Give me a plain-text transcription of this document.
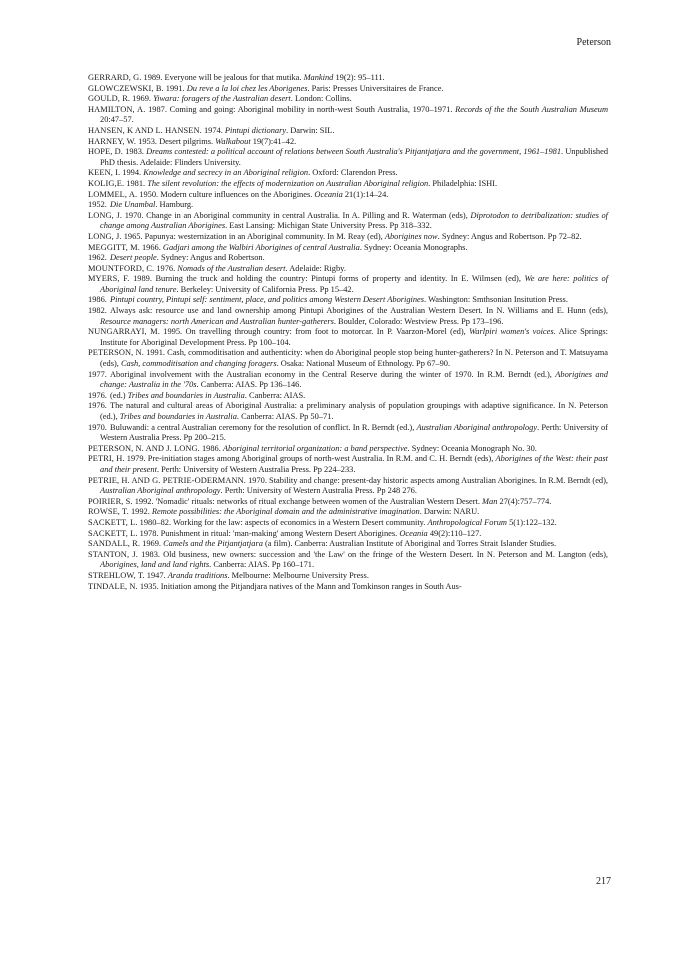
Peterson

GERRARD, G. 1989. Everyone will be jealous for that mutika. Mankind 19(2): 95–111.

GLOWCZEWSKI, B. 1991. Du reve a la loi chez les Aborigenes. Paris: Presses Universitaires de France.

GOULD, R. 1969. Yiwara: foragers of the Australian desert. London: Collins.

HAMILTON, A. 1987. Coming and going: Aboriginal mobility in north-west South Australia, 1970–1971. Records of the the South Australian Museum 20:47–57.

HANSEN, K AND L. HANSEN. 1974. Pintupi dictionary. Darwin: SIL.

HARNEY, W. 1953. Desert pilgrims. Walkabout 19(7):41–42.

HOPE, D. 1983. Dreams contested: a political account of relations between South Australia's Pitjantjatjara and the government, 1961–1981. Unpublished PhD thesis. Adelaide: Flinders University.

KEEN, I. 1994. Knowledge and secrecy in an Aboriginal religion. Oxford: Clarendon Press.

KOLIG,E. 1981. The silent revolution: the effects of modernization on Australian Aboriginal religion. Philadelphia: ISHI.

LOMMEL, A. 1950. Modern culture influences on the Aborigines. Oceania 21(1):14–24.

1952. Die Unambal. Hamburg.

LONG, J. 1970. Change in an Aboriginal community in central Australia. In A. Pilling and R. Waterman (eds), Diprotodon to detribalization: studies of change among Australian Aborigines. East Lansing: Michigan State University Press. Pp 318–332.

LONG, J. 1965. Papunya: westernization in an Aboriginal community. In M. Reay (ed), Aborigines now. Sydney: Angus and Robertson. Pp 72–82.

MEGGITT, M. 1966. Gadjari among the Walbiri Aborigines of central Australia. Sydney: Oceania Monographs.

1962. Desert people. Sydney: Angus and Robertson.

MOUNTFORD, C. 1976. Nomads of the Australian desert. Adelaide: Rigby.

MYERS, F. 1989. Burning the truck and holding the country: Pintupi forms of property and identity. In E. Wilmsen (ed), We are here: politics of Aboriginal land tenure. Berkeley: University of California Press. Pp 15–42.

1986. Pintupi country, Pintupi self: sentiment, place, and politics among Western Desert Aborigines. Washington: Smthsonian Insitution Press.

1982. Always ask: resource use and land ownership among Pintupi Aborigines of the Australian Western Desert. In N. Williams and E. Hunn (eds), Resource managers: north American and Australian hunter-gatherers. Boulder, Colorado: Westview Press. Pp 173–196.

NUNGARRAYI, M. 1995. On travelling through country: from foot to motorcar. In P. Vaarzon-Morel (ed), Warlpiri women's voices. Alice Springs: Institute for Aboriginal Development Press. Pp 100–104.

PETERSON, N. 1991. Cash, commoditisation and authenticity: when do Aboriginal people stop being hunter-gatherers? In N. Peterson and T. Matsuyama (eds), Cash, commoditisation and changing foragers. Osaka: National Museum of Ethnology. Pp 67–90.

1977. Aboriginal involvement with the Australian economy in the Central Reserve during the winter of 1970. In R.M. Berndt (ed.), Aborigines and change: Australia in the '70s. Canberra: AIAS. Pp 136–146.

1976. (ed.) Tribes and boundaries in Australia. Canberra: AIAS.

1976. The natural and cultural areas of Aboriginal Australia: a preliminary analysis of population groupings with adaptive significance. In N. Peterson (ed.), Tribes and boundaries in Australia. Canberra: AIAS. Pp 50–71.

1970. Buluwandi: a central Australian ceremony for the resolution of conflict. In R. Berndt (ed.), Australian Aboriginal anthropology. Perth: University of Western Australia Press. Pp 200–215.

PETERSON, N. AND J. LONG. 1986. Aboriginal territorial organization: a band perspective. Sydney: Oceania Monograph No. 30.

PETRI, H. 1979. Pre-initiation stages among Aboriginal groups of north-west Australia. In R.M. and C. H. Berndt (eds), Aborigines of the West: their past and their present. Perth: University of Western Australia Press. Pp 224–233.

PETRIE, H. AND G. PETRIE-ODERMANN. 1970. Stability and change: present-day historic aspects among Australian Aborigines. In R.M. Berndt (ed), Australian Aboriginal anthropology. Perth: University of Western Australia Press. Pp 248 276.

POIRIER, S. 1992. 'Nomadic' rituals: networks of ritual exchange between women of the Australian Western Desert. Man 27(4):757–774.

ROWSE, T. 1992. Remote possibilities: the Aboriginal domain and the administrative imagination. Darwin: NARU.

SACKETT, L. 1980–82. Working for the law: aspects of economics in a Western Desert community. Anthropological Forum 5(1):122–132.

SACKETT, L. 1978. Punishment in ritual: 'man-making' among Western Desert Aborigines. Oceania 49(2):110–127.

SANDALL, R. 1969. Camels and the Pitjantjatjara (a film). Canberra: Australian Institute of Aboriginal and Torres Strait Islander Studies.

STANTON, J. 1983. Old business, new owners: succession and 'the Law' on the fringe of the Western Desert. In N. Peterson and M. Langton (eds), Aborigines, land and land rights. Canberra: AIAS. Pp 160–171.

STREHLOW, T. 1947. Aranda traditions. Melbourne: Melbourne University Press.

TINDALE, N. 1935. Initiation among the Pitjandjara natives of the Mann and Tomkinson ranges in South Aus-

217
